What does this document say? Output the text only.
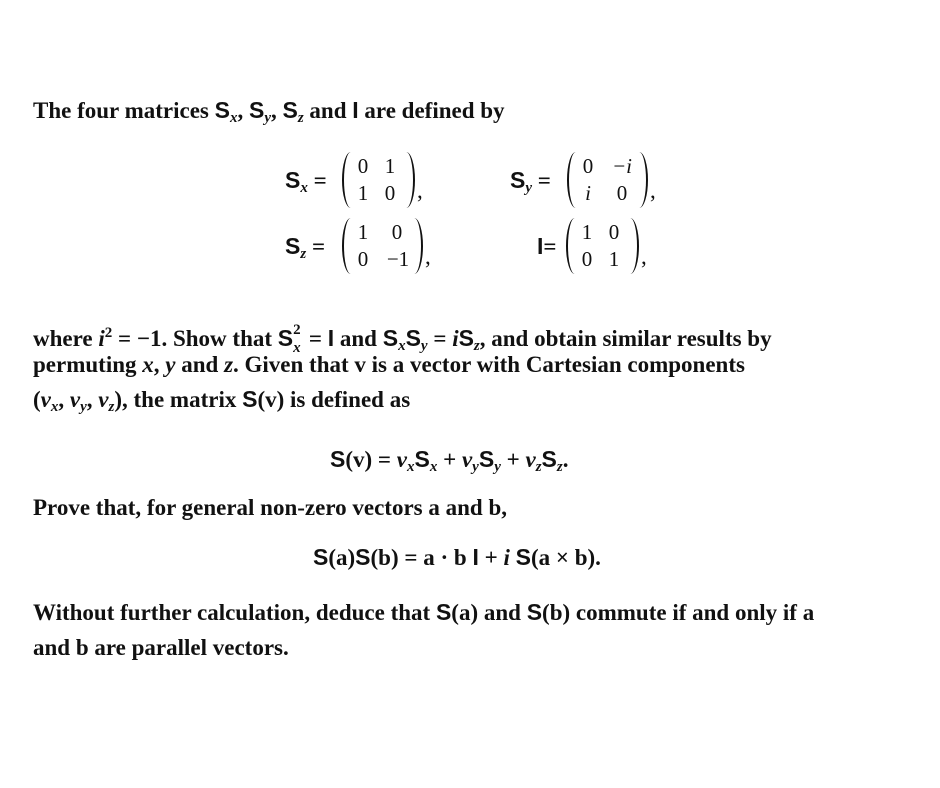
The four matrices $S_x$, $S_y$, $S_z$ and I are defined by
$S_x$ =
0 1
1 0 ,	$S_y$ =
0 −i
i	0 ,
$S_z$ =
1	0
0 −1 ,	I=
1 0
0 1 ,
where $i^2 = -1$. Show that S 2
x = I and $S_xS_y = iS_z$, and obtain similar results by
permuting x, y and z. Given that v is a vector with Cartesian components
($v_x$, $v_y$, $v_z$), the matrix S(v) is defined as
$S(v) = v_xS_x + v_yS_y + v_zS_z$.
Prove that, for general non-zero vectors a and b,
S(a)S(b) = a · b I + i S(a × b).
Without further calculation, deduce that S(a) and S(b) commute if and only if a
and b are parallel vectors.
